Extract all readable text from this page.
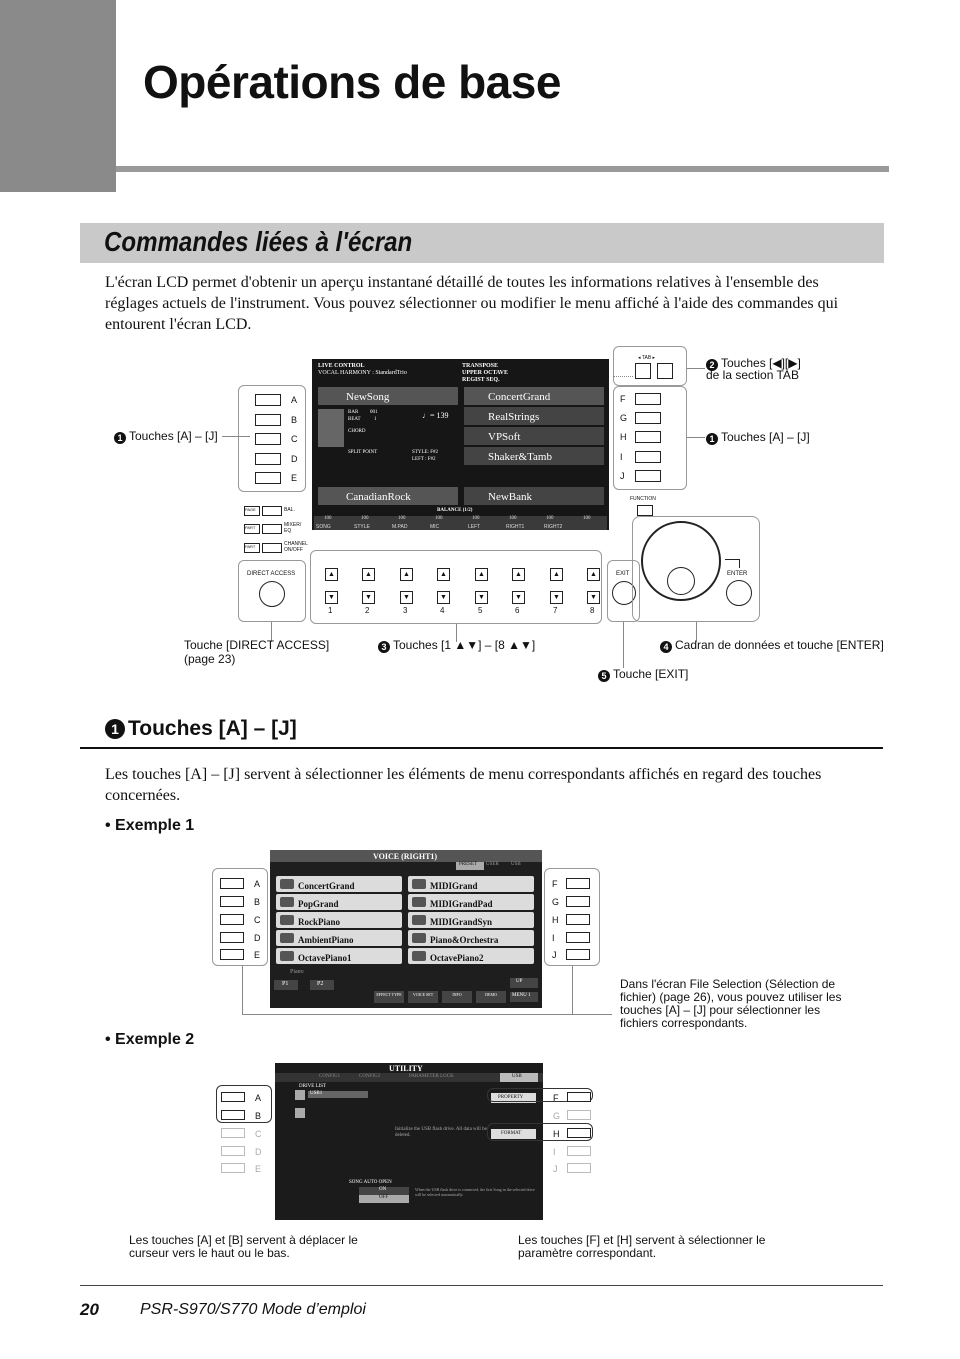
Opérations de base
Commandes liées à l'écran
L'écran LCD permet d'obtenir un aperçu instantané détaillé de toutes les informations relatives à l'ensemble des réglages actuels de l'instrument. Vous pouvez sélectionner ou modifier le menu affiché à l'aide des commandes qui entourent l'écran LCD.
LIVE CONTROL
VOCAL HARMONY : StandardTrio
TRANSPOSE
UPPER OCTAVE
REGIST SEQ.
NewSong
BAR 001
BEAT	1	♩= 139
CHORD
SPLIT POINT	STYLE: F#2
LEFT : F#2
CanadianRock
ConcertGrand
RealStrings
VPSoft
Shaker&Tamb
NewBank
BALANCE (1/2)
100	100	100	100	100	100	100	100
SONG	STYLE	M.PAD	MIC	LEFT	RIGHT1	RIGHT2
A
B
C
D
E
1 Touches [A] – [J]
PAGE	BAL.
PART	MIXER/
EQ
PART	CHANNEL
ON/OFF
DIRECT ACCESS	▲
▼
1
▲
▼
2
▲
▼
3
▲
▼
4
▲
▼
5
▲
▼
6
▲
▼
7
▲
▼
8
EXIT
◂ TAB ▸
2 Touches [◀][▶]
de la section TAB
F
G
H
I
J
1 Touches [A] – [J]
FUNCTION
ENTER
Touche [DIRECT ACCESS]
(page 23)
3 Touches [1 ▲▼] – [8 ▲▼]	4 Cadran de données et touche [ENTER]
5 Touche [EXIT]
1 Touches [A] – [J]
Les touches [A] – [J] servent à sélectionner les éléments de menu correspondants affichés en regard des touches concernées.
• Exemple 1
A
B
C
D
E
VOICE (RIGHT1)
PRESET USER USB
ConcertGrand
PopGrand
RockPiano
AmbientPiano
OctavePiano1
MIDIGrand
MIDIGrandPad
MIDIGrandSyn
Piano&Orchestra
OctavePiano2
Piano
P1	P2	UP
MENU 1
EFFECT TYPE	VOICE SET	INFO	DEMO
F
G
H
I
J
Dans l'écran File Selection (Sélection de fichier) (page 26), vous pouvez utiliser les touches [A] – [J] pour sélectionner les fichiers correspondants.
• Exemple 2
A
B
C
D
E
UTILITY
CONFIG1	CONFIG2	PARAMETER LOCK	USB
DRIVE LIST
USB1
PROPERTY
Initialize the USB flash drive. All data will be deleted.	FORMAT
SONG AUTO OPEN
ON
OFF
When the USB flash drive is connected, the first Song in the selected drive will be selected automatically.
F
G
H
I
J
Les touches [A] et [B] servent à déplacer le curseur vers le haut ou le bas.
Les touches [F] et [H] servent à sélectionner le paramètre correspondant.
20	PSR-S970/S770 Mode d’emploi
